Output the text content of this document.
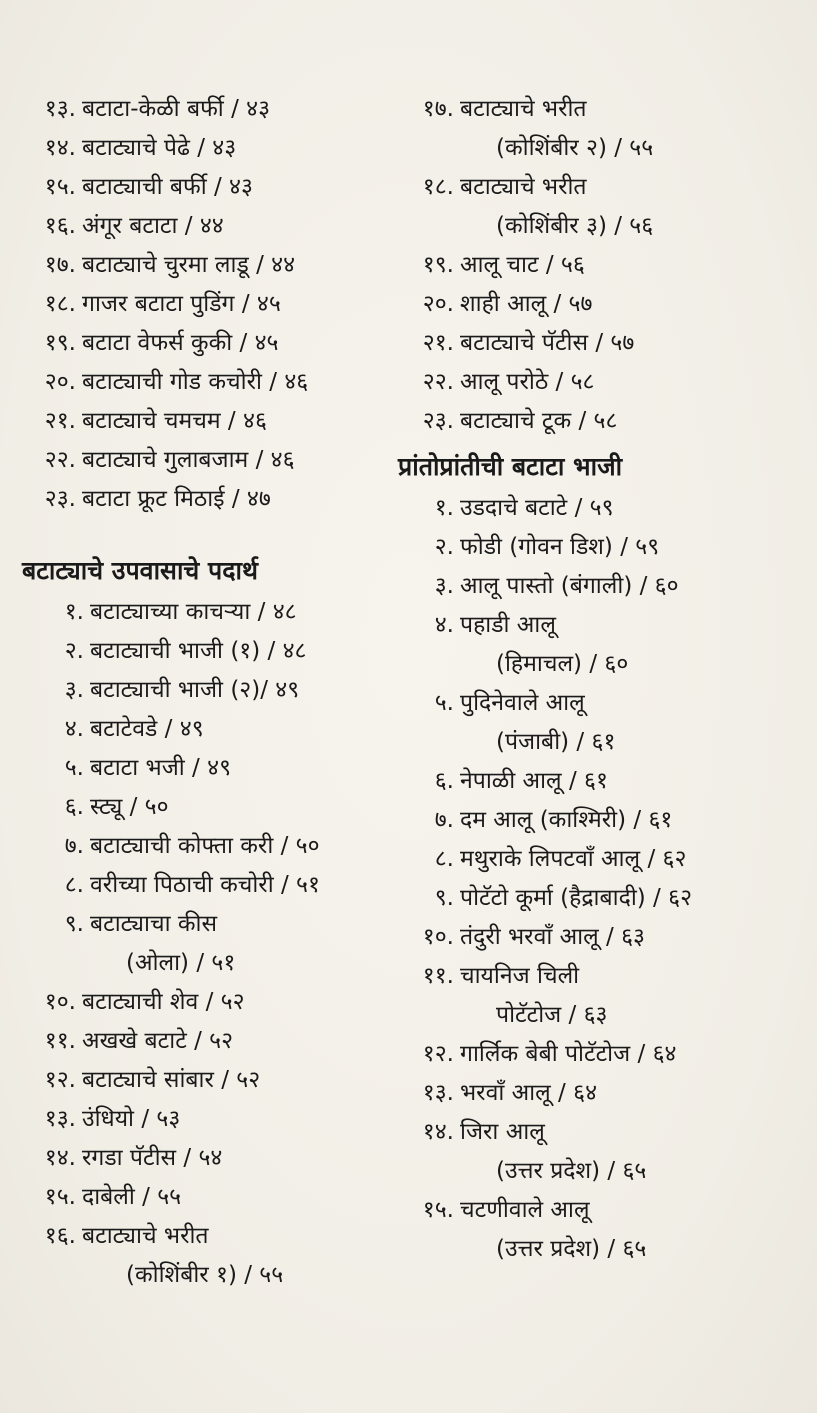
१३. बटाटा-केळी बर्फी / ४३
१४. बटाट्याचे पेढे / ४३
१५. बटाट्याची बर्फी / ४३
१६. अंगूर बटाटा / ४४
१७. बटाट्याचे चुरमा लाडू / ४४
१८. गाजर बटाटा पुडिंग / ४५
१९. बटाटा वेफर्स कुकी / ४५
२०. बटाट्याची गोड कचोरी / ४६
२१. बटाट्याचे चमचम / ४६
२२. बटाट्याचे गुलाबजाम / ४६
२३. बटाटा फ्रूट मिठाई / ४७
बटाट्याचे उपवासाचे पदार्थ
१. बटाट्याच्या काचऱ्या / ४८
२. बटाट्याची भाजी (१) / ४८
३. बटाट्याची भाजी (२)/ ४९
४. बटाटेवडे / ४९
५. बटाटा भजी / ४९
६. स्ट्यू / ५०
७. बटाट्याची कोफ्ता करी / ५०
८. वरीच्या पिठाची कचोरी / ५१
९. बटाट्याचा कीस
(ओला) / ५१
१०. बटाट्याची शेव / ५२
११. अखखे बटाटे / ५२
१२. बटाट्याचे सांबार / ५२
१३. उंधियो / ५३
१४. रगडा पॅटीस / ५४
१५. दाबेली / ५५
१६. बटाट्याचे भरीत
(कोशिंबीर १) / ५५
१७. बटाट्याचे भरीत
(कोशिंबीर २) / ५५
१८. बटाट्याचे भरीत
(कोशिंबीर ३) / ५६
१९. आलू चाट / ५६
२०. शाही आलू / ५७
२१. बटाट्याचे पॅटीस / ५७
२२. आलू परोठे / ५८
२३. बटाट्याचे टूक / ५८
प्रांतोप्रांतीची बटाटा भाजी
१. उडदाचे बटाटे / ५९
२. फोडी (गोवन डिश) / ५९
३. आलू पास्तो (बंगाली) / ६०
४. पहाडी आलू
(हिमाचल) / ६०
५. पुदिनेवाले आलू
(पंजाबी) / ६१
६. नेपाळी आलू / ६१
७. दम आलू (काश्मिरी) / ६१
८. मथुराके लिपटवाँ आलू / ६२
९. पोटॅटो कूर्मा (हैद्राबादी) / ६२
१०. तंदुरी भरवाँ आलू / ६३
११. चायनिज चिली
पोटॅटोज / ६३
१२. गार्लिक बेबी पोटॅटोज / ६४
१३. भरवाँ आलू / ६४
१४. जिरा आलू
(उत्तर प्रदेश) / ६५
१५. चटणीवाले आलू
(उत्तर प्रदेश) / ६५
